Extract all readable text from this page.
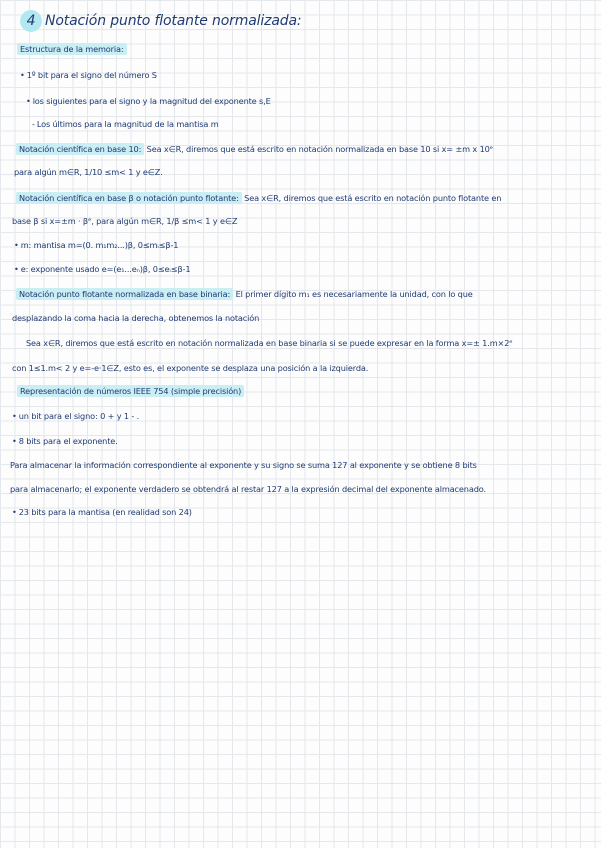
4 Notación punto flotante normalizada:
Estructura de la memoria:
• 1º bit para el signo del número S
• los siguientes para el signo y la magnitud del exponente s,E
- Los últimos para la magnitud de la mantisa m
Notación científica en base 10: Sea x∈R, diremos que está escrito en notación normalizada en base 10 si x= ±m x 10ᵉ
para algún m∈R, 1/10 ≤m< 1 y e∈Z.
Notación científica en base β o notación punto flotante: Sea x∈R, diremos que está escrito en notación punto flotante en
base β si x=±m · βᵉ, para algún m∈R, 1/β ≤m< 1 y e∈Z
• m: mantisa m=(0. m₁m₂...)β, 0≤mᵢ≤β-1
• e: exponente usado e=(e₁...eₙ)β, 0≤eᵢ≤β-1
Notación punto flotante normalizada en base binaria: El primer dígito m₁ es necesariamente la unidad, con lo que
desplazando la coma hacia la derecha, obtenemos la notación
Sea x∈R, diremos que está escrito en notación normalizada en base binaria si se puede expresar en la forma x=± 1.m×2ᵉ
con 1≤1.m< 2 y e=-e·1∈Z, esto es, el exponente se desplaza una posición a la izquierda.
Representación de números IEEE 754 (simple precisión)
• un bit para el signo: 0 + y 1 - .
• 8 bits para el exponente.
Para almacenar la información correspondiente al exponente y su signo se suma 127 al exponente y se obtiene 8 bits
para almacenarlo; el exponente verdadero se obtendrá al restar 127 a la expresión decimal del exponente almacenado.
• 23 bits para la mantisa (en realidad son 24)
